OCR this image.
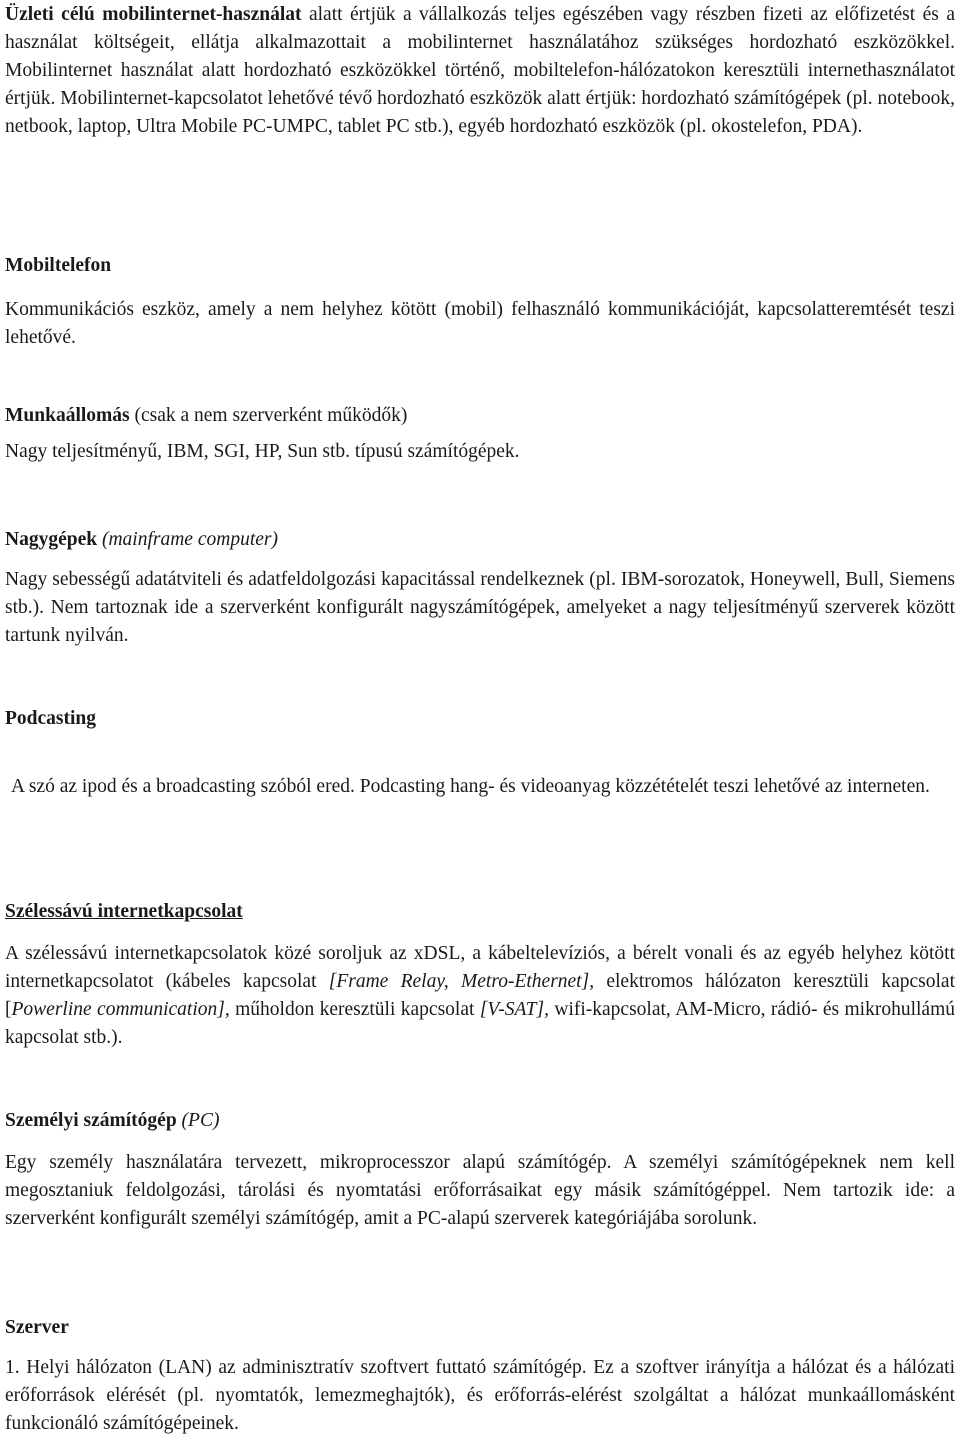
Üzleti célú mobilinternet-használat alatt értjük a vállalkozás teljes egészében vagy részben fizeti az előfizetést és a használat költségeit, ellátja alkalmazottait a mobilinternet használatához szükséges hordozható eszközökkel. Mobilinternet használat alatt hordozható eszközökkel történő, mobiltelefon-hálózatokon keresztüli internethasználatot értjük. Mobilinternet-kapcsolatot lehetővé tévő hordozható eszközök alatt értjük: hordozható számítógépek (pl. notebook, netbook, laptop, Ultra Mobile PC-UMPC, tablet PC stb.), egyéb hordozható eszközök (pl. okostelefon, PDA).

Mobiltelefon

Kommunikációs eszköz, amely a nem helyhez kötött (mobil) felhasználó kommunikációját, kapcsolatteremtését teszi lehetővé.

Munkaállomás (csak a nem szerverként működők)

Nagy teljesítményű, IBM, SGI, HP, Sun stb. típusú számítógépek.

Nagygépek (mainframe computer)

Nagy sebességű adatátviteli és adatfeldolgozási kapacitással rendelkeznek (pl. IBM-sorozatok, Honeywell, Bull, Siemens stb.). Nem tartoznak ide a szerverként konfigurált nagyszámítógépek, amelyeket a nagy teljesítményű szerverek között tartunk nyilván.

Podcasting

A szó az ipod és a broadcasting szóból ered. Podcasting hang- és videoanyag közzétételét teszi lehetővé az interneten.

Szélessávú internetkapcsolat

A szélessávú internetkapcsolatok közé soroljuk az xDSL, a kábeltelevíziós, a bérelt vonali és az egyéb helyhez kötött internetkapcsolatot (kábeles kapcsolat [Frame Relay, Metro-Ethernet], elektromos hálózaton keresztüli kapcsolat [Powerline communication], műholdon keresztüli kapcsolat [V-SAT], wifi-kapcsolat, AM-Micro, rádió- és mikrohullámú kapcsolat stb.).

Személyi számítógép (PC)

Egy személy használatára tervezett, mikroprocesszor alapú számítógép. A személyi számítógépeknek nem kell megosztaniuk feldolgozási, tárolási és nyomtatási erőforrásaikat egy másik számítógéppel. Nem tartozik ide: a szerverként konfigurált személyi számítógép, amit a PC-alapú szerverek kategóriájába sorolunk.

Szerver

1. Helyi hálózaton (LAN) az adminisztratív szoftvert futtató számítógép. Ez a szoftver irányítja a hálózat és a hálózati erőforrások elérését (pl. nyomtatók, lemezmeghajtók), és erőforrás-elérést szolgáltat a hálózat munkaállomásként funkcionáló számítógépeinek.
